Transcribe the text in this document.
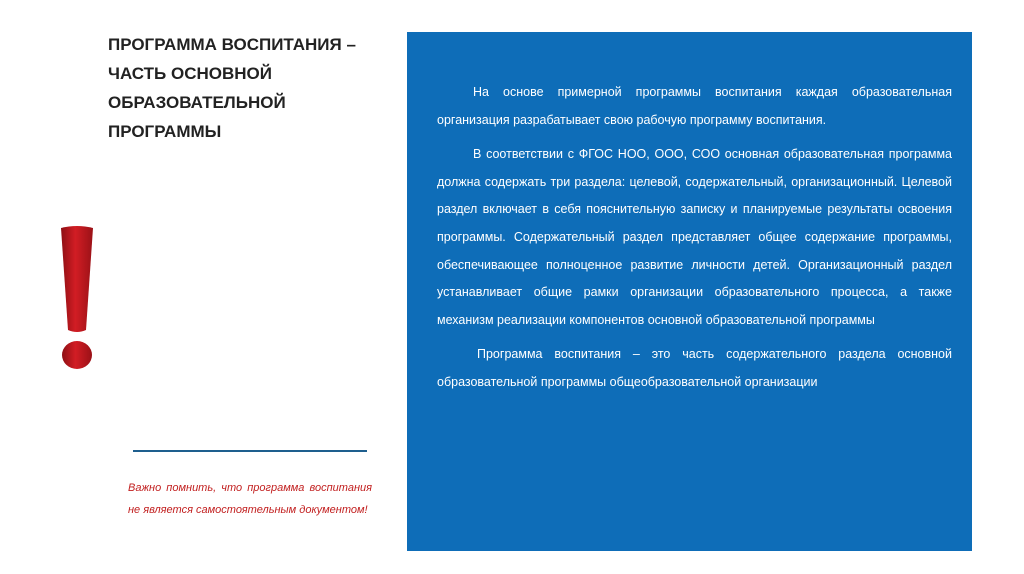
ПРОГРАММА ВОСПИТАНИЯ – ЧАСТЬ ОСНОВНОЙ ОБРАЗОВАТЕЛЬНОЙ ПРОГРАММЫ

Важно помнить, что программа воспитания не является самостоятельным документом!

На основе примерной программы воспитания каждая образовательная организация разрабатывает свою рабочую программу воспитания.

В соответствии с ФГОС НОО, ООО, СОО основная образовательная программа должна содержать три раздела: целевой, содержательный, организационный. Целевой раздел включает в себя пояснительную записку и планируемые результаты освоения программы. Содержательный раздел представляет общее содержание программы, обеспечивающее полноценное развитие личности детей. Организационный раздел устанавливает общие рамки организации образовательного процесса, а также механизм реализации компонентов основной образовательной программы

Программа воспитания – это часть содержательного раздела основной образовательной программы общеобразовательной организации
